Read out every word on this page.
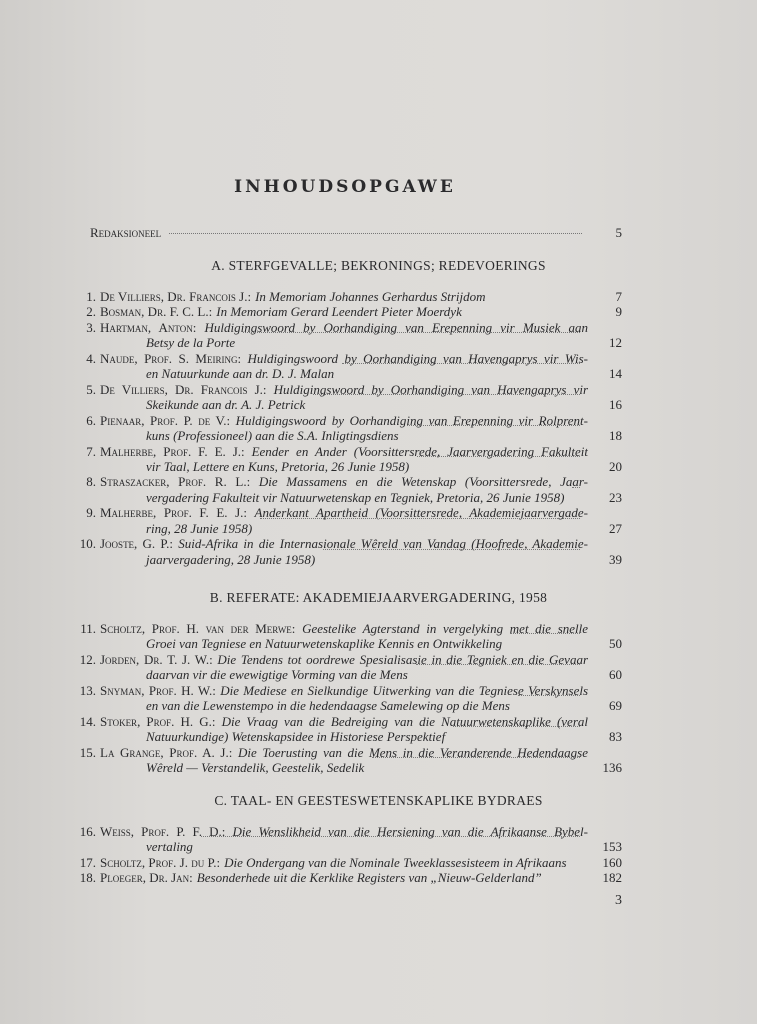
INHOUDSOPGAWE
Redaksioneel	5
A. STERFGEVALLE; BEKRONINGS; REDEVOERINGS
1. De Villiers, Dr. Francois J.: In Memoriam Johannes Gerhardus Strijdom	7
2. Bosman, Dr. F. C. L.: In Memoriam Gerard Leendert Pieter Moerdyk	9
3. Hartman, Anton: Huldigingswoord by Oorhandiging van Erepenning vir Musiek aan
Betsy de la Porte	12
4. Naude, Prof. S. Meiring: Huldigingswoord by Oorhandiging van Havengaprys vir Wis-
en Natuurkunde aan dr. D. J. Malan	14
5. De Villiers, Dr. Francois J.: Huldigingswoord by Oorhandiging van Havengaprys vir
Skeikunde aan dr. A. J. Petrick	16
6. Pienaar, Prof. P. de V.: Huldigingswoord by Oorhandiging van Erepenning vir Rolprent-
kuns (Professioneel) aan die S.A. Inligtingsdiens	18
7. Malherbe, Prof. F. E. J.: Eender en Ander (Voorsittersrede, Jaarvergadering Fakulteit
vir Taal, Lettere en Kuns, Pretoria, 26 Junie 1958)	20
8. Straszacker, Prof. R. L.: Die Massamens en die Wetenskap (Voorsittersrede, Jaar-
vergadering Fakulteit vir Natuurwetenskap en Tegniek, Pretoria, 26 Junie 1958)	23
9. Malherbe, Prof. F. E. J.: Anderkant Apartheid (Voorsittersrede, Akademiejaarvergade-
ring, 28 Junie 1958)	27
10. Jooste, G. P.: Suid-Afrika in die Internasionale Wêreld van Vandag (Hoofrede, Akademie-
jaarvergadering, 28 Junie 1958)	39
B. REFERATE: AKADEMIEJAARVERGADERING, 1958
11. Scholtz, Prof. H. van der Merwe: Geestelike Agterstand in vergelyking met die snelle
Groei van Tegniese en Natuurwetenskaplike Kennis en Ontwikkeling	50
12. Jorden, Dr. T. J. W.: Die Tendens tot oordrewe Spesialisasie in die Tegniek en die Gevaar
daarvan vir die ewewigtige Vorming van die Mens	60
13. Snyman, Prof. H. W.: Die Mediese en Sielkundige Uitwerking van die Tegniese Verskynsels
en van die Lewenstempo in die hedendaagse Samelewing op die Mens	69
14. Stoker, Prof. H. G.: Die Vraag van die Bedreiging van die Natuurwetenskaplike (veral
Natuurkundige) Wetenskapsidee in Historiese Perspektief	83
15. La Grange, Prof. A. J.: Die Toerusting van die Mens in die Veranderende Hedendaagse
Wêreld — Verstandelik, Geestelik, Sedelik	136
C. TAAL- EN GEESTESWETENSKAPLIKE BYDRAES
16. Weiss, Prof. P. F. D.: Die Wenslikheid van die Hersiening van die Afrikaanse Bybel-
vertaling	153
17. Scholtz, Prof. J. du P.: Die Ondergang van die Nominale Tweeklassesisteem in Afrikaans	160
18. Ploeger, Dr. Jan: Besonderhede uit die Kerklike Registers van „Nieuw-Gelderland”	182
3
